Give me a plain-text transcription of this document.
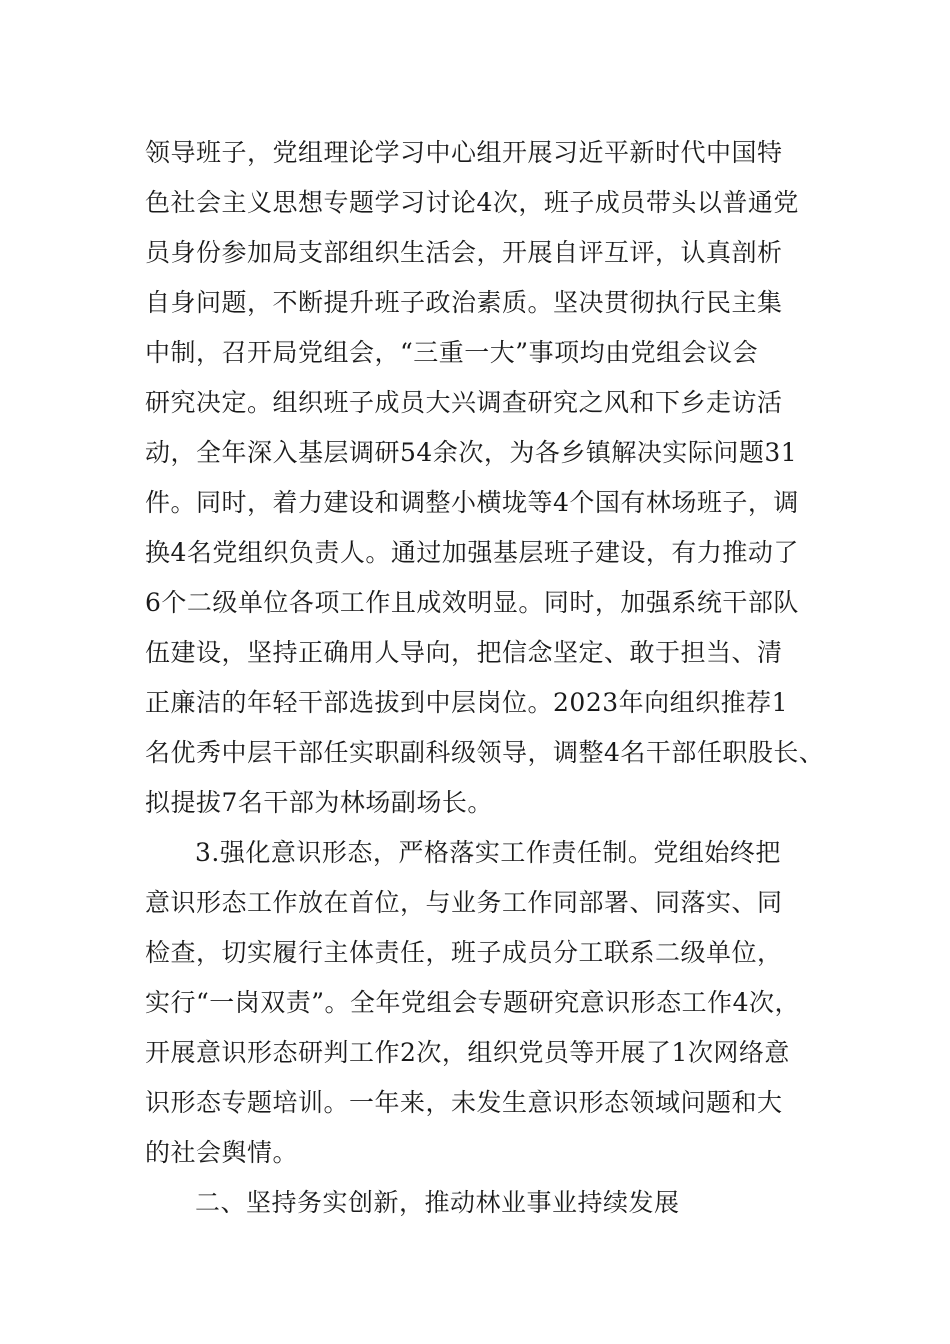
领导班子，党组理论学习中心组开展习近平新时代中国特
色社会主义思想专题学习讨论4次，班子成员带头以普通党
员身份参加局支部组织生活会，开展自评互评，认真剖析
自身问题，不断提升班子政治素质。坚决贯彻执行民主集
中制，召开局党组会，“三重一大”事项均由党组会议会
研究决定。组织班子成员大兴调查研究之风和下乡走访活
动，全年深入基层调研54余次，为各乡镇解决实际问题31
件。同时，着力建设和调整小横垅等4个国有林场班子，调
换4名党组织负责人。通过加强基层班子建设，有力推动了
6个二级单位各项工作且成效明显。同时，加强系统干部队
伍建设，坚持正确用人导向，把信念坚定、敢于担当、清
正廉洁的年轻干部选拔到中层岗位。2023年向组织推荐1
名优秀中层干部任实职副科级领导，调整4名干部任职股长、
拟提拔7名干部为林场副场长。
3.强化意识形态，严格落实工作责任制。党组始终把
意识形态工作放在首位，与业务工作同部署、同落实、同
检查，切实履行主体责任，班子成员分工联系二级单位，
实行“一岗双责”。全年党组会专题研究意识形态工作4次，
开展意识形态研判工作2次，组织党员等开展了1次网络意
识形态专题培训。一年来，未发生意识形态领域问题和大
的社会舆情。
二、坚持务实创新，推动林业事业持续发展
